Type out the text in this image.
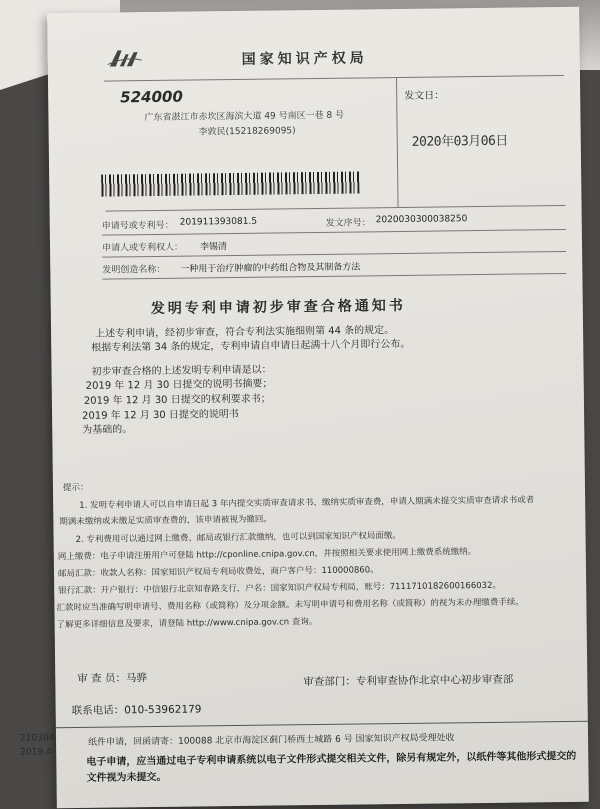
国家知识产权局
524000
广东省湛江市赤坎区海滨大道 49 号南区一巷 8 号
李敦民(15218269095)
发文日：
2020年03月06日
申请号或专利号： 201911393081.5	发文序号： 2020030300038250
申请人或专利权人： 李锡清
发明创造名称： 一种用于治疗肿瘤的中药组合物及其制备方法
发明专利申请初步审查合格通知书
上述专利申请，经初步审查，符合专利法实施细则第 44 条的规定。
根据专利法第 34 条的规定，专利申请自申请日起满十八个月即行公布。
初步审查合格的上述发明专利申请是以：
2019 年 12 月 30 日提交的说明书摘要；
2019 年 12 月 30 日提交的权利要求书；
2019 年 12 月 30 日提交的说明书
为基础的。
提示：
1. 发明专利申请人可以自申请日起 3 年内提交实质审查请求书、缴纳实质审查费，申请人期满未提交实质审查请求书或者
期满未缴纳或未缴足实质审查费的，该申请被视为撤回。
2. 专利费用可以通过网上缴费、邮局或银行汇款缴纳，也可以到国家知识产权局面缴。
网上缴费：电子申请注册用户可登陆 http://cponline.cnipa.gov.cn，并按照相关要求使用网上缴费系统缴纳。
邮局汇款：收款人名称：国家知识产权局专利局收费处，商户客户号：110000860。
银行汇款：开户银行：中信银行北京知春路支行，户名：国家知识产权局专利局，账号：7111710182600166032。
汇款时应当准确写明申请号、费用名称（或简称）及分项金额。未写明申请号和费用名称（或简称）的视为未办理缴费手续。
了解更多详细信息及要求，请登陆 http://www.cnipa.gov.cn 查询。
审 查 员：马骅	审查部门：专利审查协作北京中心初步审查部
联系电话：010-53962179
210304
2019.4
纸件申请，回函请寄：100088 北京市海淀区蓟门桥西土城路 6 号 国家知识产权局受理处收
电子申请，应当通过电子专利申请系统以电子文件形式提交相关文件，除另有规定外，以纸件等其他形式提交的
文件视为未提交。
